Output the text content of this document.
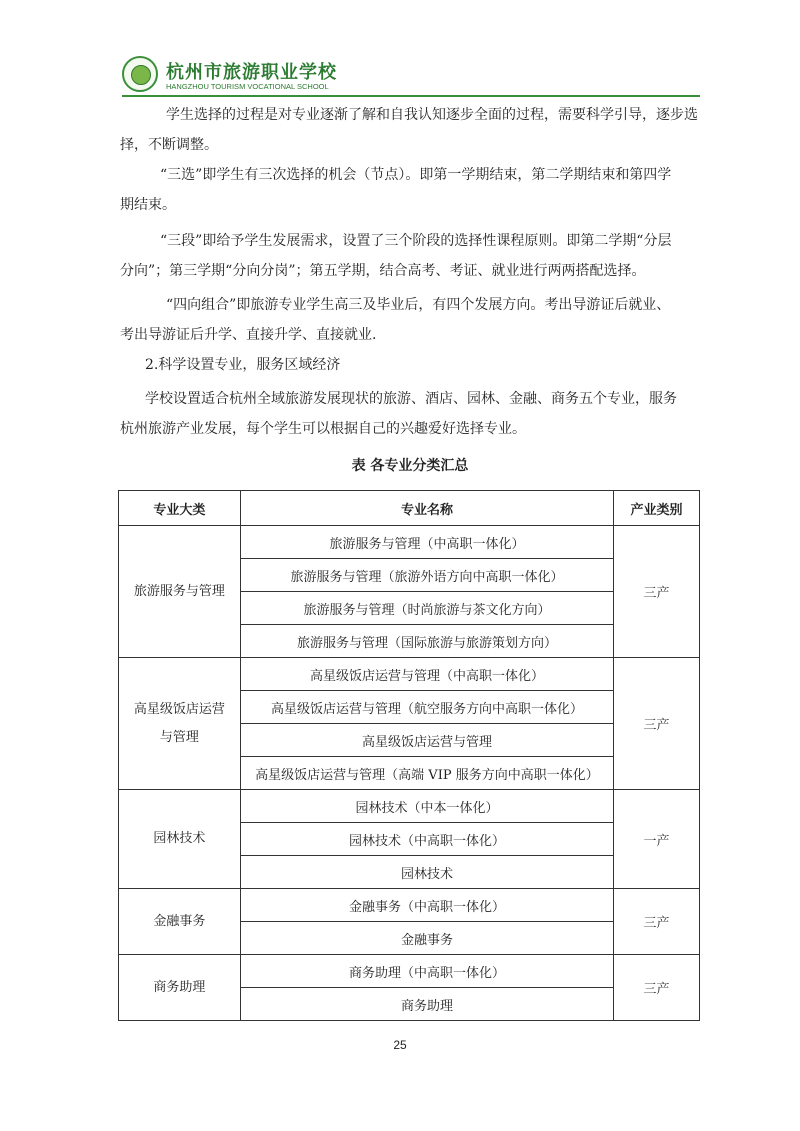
杭州市旅游职业学校
HANGZHOU TOURISM VOCATIONAL SCHOOL

学生选择的过程是对专业逐渐了解和自我认知逐步全面的过程，需要科学引导，逐步选
择，不断调整。

“三选”即学生有三次选择的机会（节点）。即第一学期结束，第二学期结束和第四学
期结束。

“三段”即给予学生发展需求，设置了三个阶段的选择性课程原则。即第二学期“分层
分向”；第三学期“分向分岗”；第五学期，结合高考、考证、就业进行两两搭配选择。

“四向组合”即旅游专业学生高三及毕业后，有四个发展方向。考出导游证后就业、
考出导游证后升学、直接升学、直接就业.

2.科学设置专业，服务区域经济

学校设置适合杭州全域旅游发展现状的旅游、酒店、园林、金融、商务五个专业，服务
杭州旅游产业发展，每个学生可以根据自己的兴趣爱好选择专业。

表 各专业分类汇总
专业大类	专业名称	产业类别
旅游服务与管理	旅游服务与管理（中高职一体化）	三产
	旅游服务与管理（旅游外语方向中高职一体化）	
	旅游服务与管理（时尚旅游与茶文化方向）	
	旅游服务与管理（国际旅游与旅游策划方向）	
高星级饭店运营
与管理	高星级饭店运营与管理（中高职一体化）	三产
	高星级饭店运营与管理（航空服务方向中高职一体化）	
	高星级饭店运营与管理	
	高星级饭店运营与管理（高端 VIP 服务方向中高职一体化）	
园林技术	园林技术（中本一体化）	一产
	园林技术（中高职一体化）	
	园林技术	
金融事务	金融事务（中高职一体化）	三产
	金融事务	
商务助理	商务助理（中高职一体化）	三产
	商务助理	
25
